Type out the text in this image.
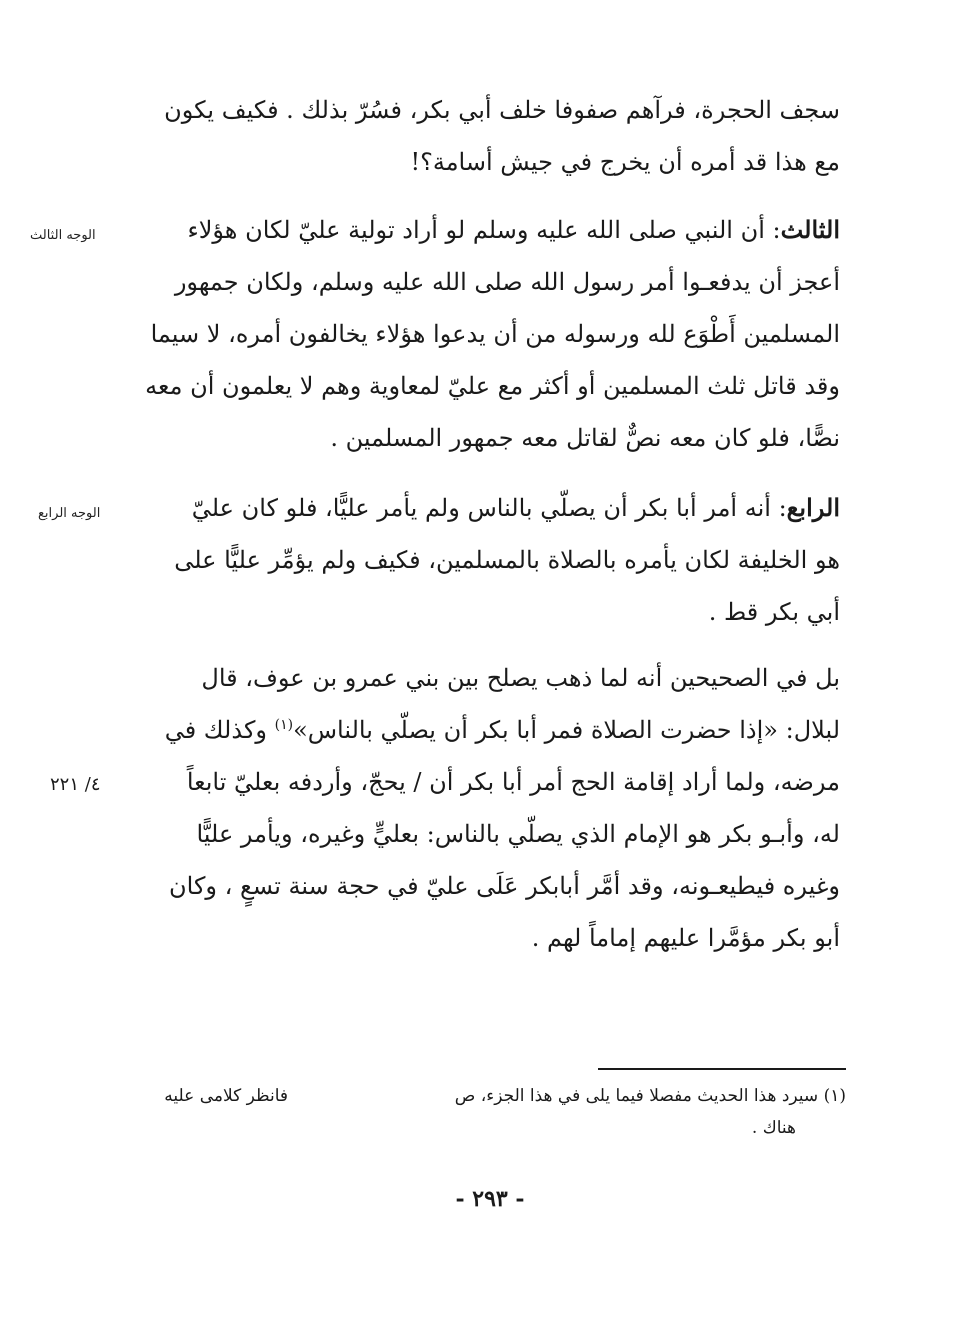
سجف الحجرة، فرآهم صفوفا خلف أبي بكر، فسُرّ بذلك . فكيف يكون
مع هذا قد أمره أن يخرج في جيش أسامة؟!
الثالث: أن النبي صلى الله عليه وسلم لو أراد تولية عليّ لكان هؤلاء
أعجز أن يدفعـوا أمر رسول الله صلى الله عليه وسلم، ولكان جمهور
المسلمين أَطْوَع لله ورسوله من أن يدعوا هؤلاء يخالفون أمره، لا سيما
وقد قاتل ثلث المسلمين أو أكثر مع عليّ لمعاوية وهم لا يعلمون أن معه
نصًّا، فلو كان معه نصٌّ لقاتل معه جمهور المسلمين .
الرابع: أنه أمر أبا بكر أن يصلّي بالناس ولم يأمر عليًّا، فلو كان عليّ
هو الخليفة لكان يأمره بالصلاة بالمسلمين، فكيف ولم يؤمِّر عليًّا على
أبي بكر قط .
بل في الصحيحين أنه لما ذهب يصلح بين بني عمرو بن عوف، قال
لبلال: «إذا حضرت الصلاة فمر أبا بكر أن يصلّي بالناس»$^{(١)}$ وكذلك في
مرضه، ولما أراد إقامة الحج أمر أبا بكر أن / يحجّ، وأردفه بعليّ تابعاً
له، وأبـو بكر هو الإمام الذي يصلّي بالناس: بعليٍّ وغيره، ويأمر عليًّا
وغيره فيطيعـونه، وقد أمَّر أبابكر عَلَى عليّ في حجة سنة تسعٍ ، وكان
أبو بكر مؤمَّرا عليهم إماماً لهم .
الوجه الثالث
الوجه الرابع
٤/ ٢٢١
(١) سيرد هذا الحديث مفصلا فيما يلى في هذا الجزء، ص
هناك .
فانظر كلامى عليه
- ٢٩٣ -
